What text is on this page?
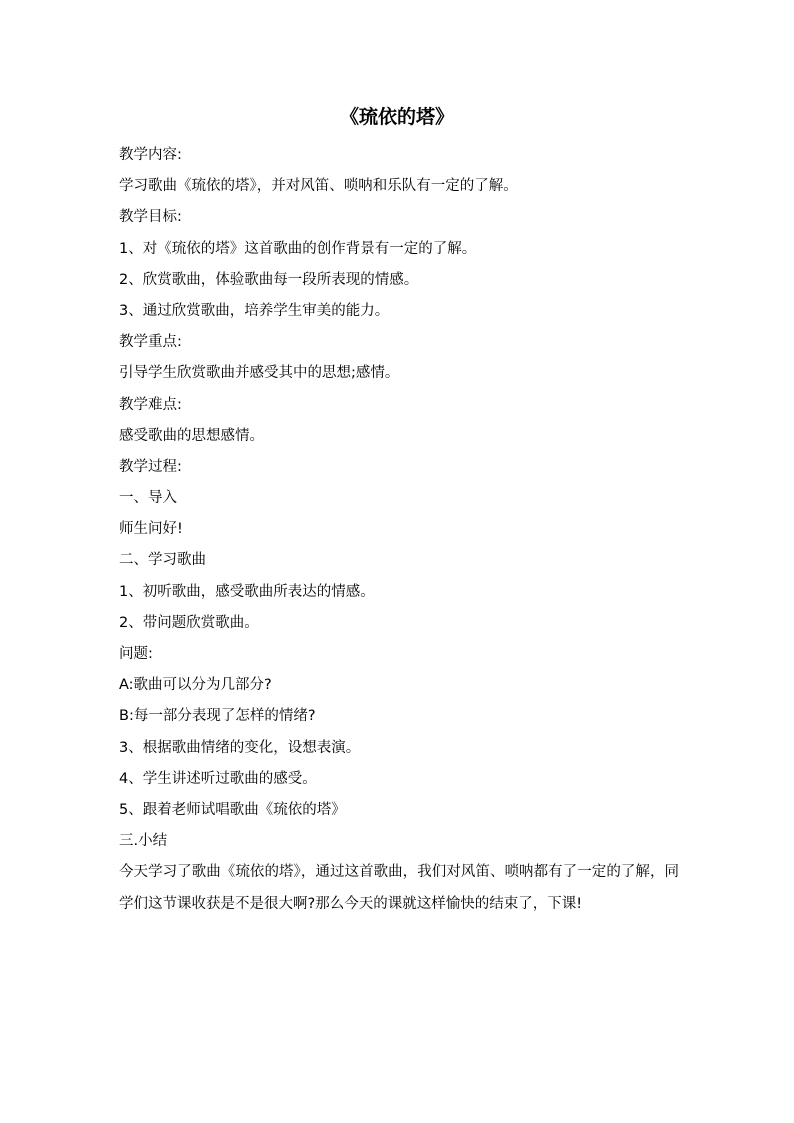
《琉依的塔》
教学内容:
学习歌曲《琉依的塔》，并对风笛、唢呐和乐队有一定的了解。
教学目标:
1、对《琉依的塔》这首歌曲的创作背景有一定的了解。
2、欣赏歌曲，体验歌曲每一段所表现的情感。
3、通过欣赏歌曲，培养学生审美的能力。
教学重点:
引导学生欣赏歌曲并感受其中的思想;感情。
教学难点:
感受歌曲的思想感情。
教学过程:
一、导入
师生问好!
二、学习歌曲
1、初听歌曲，感受歌曲所表达的情感。
2、带问题欣赏歌曲。
问题:
A:歌曲可以分为几部分?
B:每一部分表现了怎样的情绪?
3、根据歌曲情绪的变化，设想表演。
4、学生讲述听过歌曲的感受。
5、跟着老师试唱歌曲《琉依的塔》
三.小结
今天学习了歌曲《琉依的塔》，通过这首歌曲，我们对风笛、唢呐都有了一定的了解，同学们这节课收获是不是很大啊?那么今天的课就这样愉快的结束了，下课!
